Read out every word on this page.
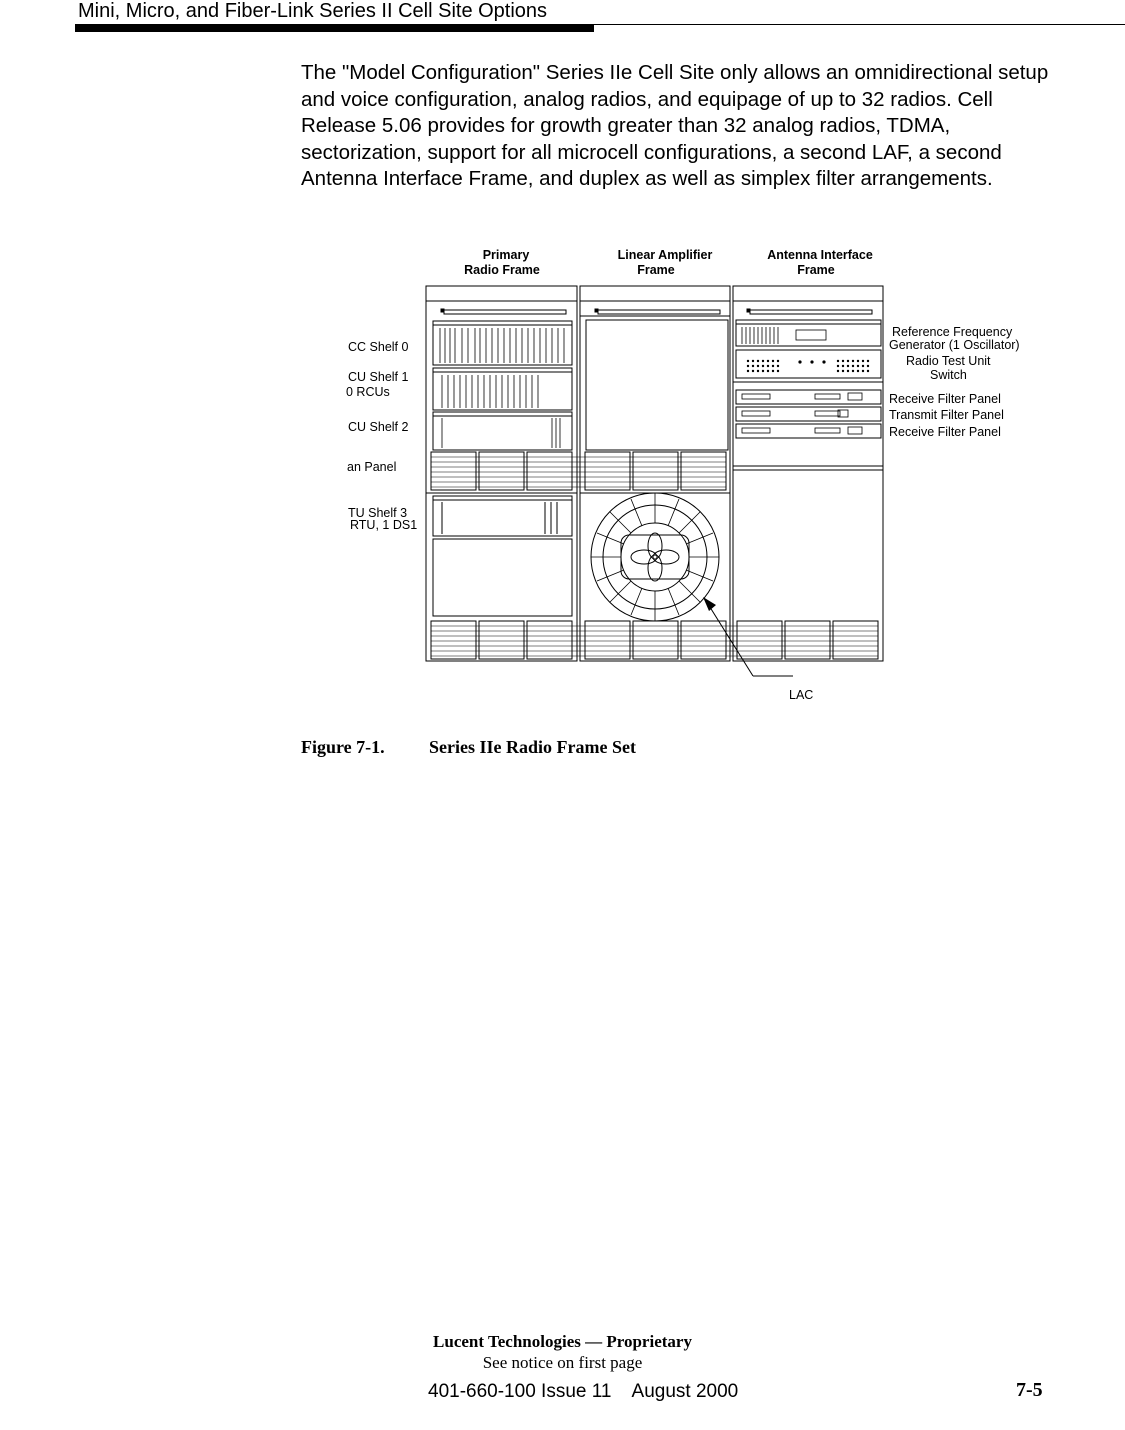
Mini, Micro, and Fiber-Link Series II Cell Site Options

The "Model Configuration" Series IIe Cell Site only allows an omnidirectional setup and voice configuration, analog radios, and equipage of up to 32 radios. Cell Release 5.06 provides for growth greater than 32 analog radios, TDMA, sectorization, support for all microcell configurations, a second LAF, a second Antenna Interface Frame, and duplex as well as simplex filter arrangements.

Primary
Radio Frame
Linear Amplifier
Frame
Antenna Interface
Frame
CC Shelf 0
CU Shelf 1
0 RCUs
CU Shelf 2
an Panel
TU Shelf 3
RTU, 1 DS1
Reference Frequency
Generator (1 Oscillator)
Radio Test Unit
Switch
Receive Filter Panel
Transmit Filter Panel
Receive Filter Panel
LAC
Figure 7-1. Series IIe Radio Frame Set
Lucent Technologies — Proprietary
See notice on first page
401-660-100 Issue 11    August 2000	7-5
